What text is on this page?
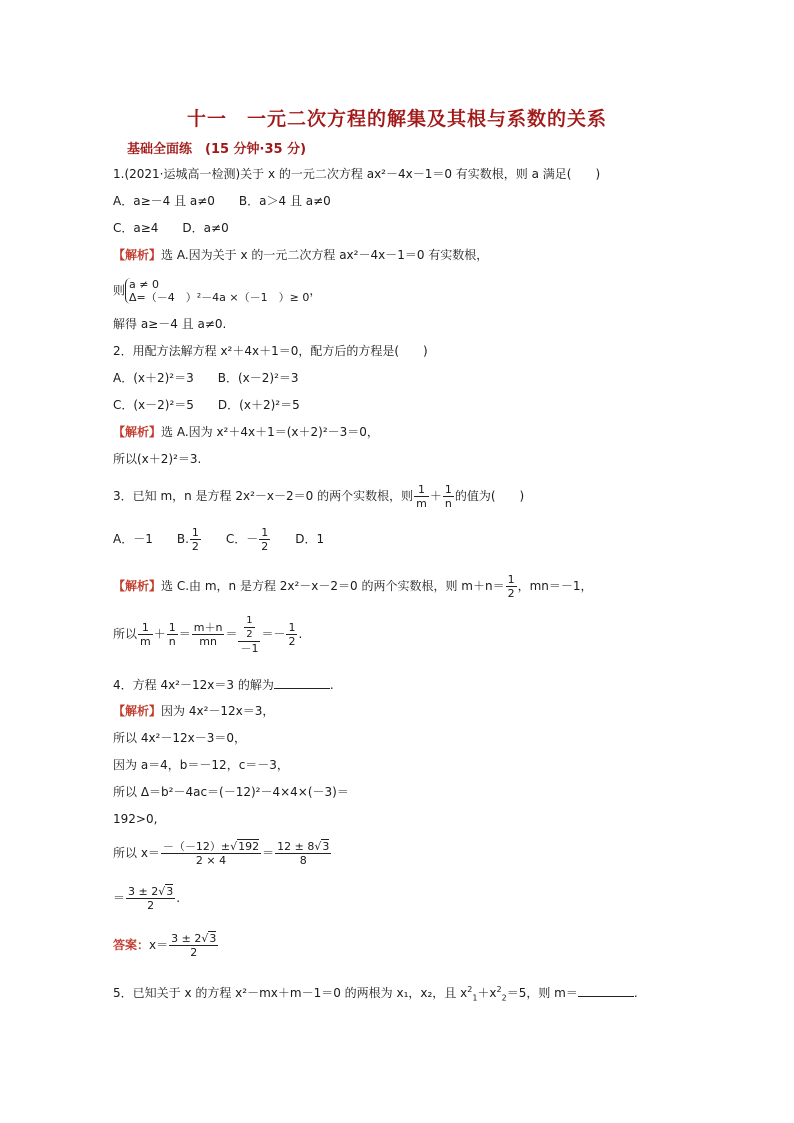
十一　一元二次方程的解集及其根与系数的关系
基础全面练　(15 分钟·35 分)
1.(2021·运城高一检测)关于 x 的一元二次方程 ax²－4x－1＝0 有实数根，则 a 满足(　　)
A．a≥－4 且 a≠0　　B．a＞4 且 a≠0
C．a≥4　　D．a≠0
【解析】选 A.因为关于 x 的一元二次方程 ax²－4x－1＝0 有实数根，
则 a ≠ 0
Δ=（－4　）²－4a ×（－1　）≥ 0 ，
解得 a≥－4 且 a≠0.
2．用配方法解方程 x²＋4x＋1＝0，配方后的方程是(　　)
A．(x＋2)²＝3　　B．(x－2)²＝3
C．(x－2)²＝5　　D．(x＋2)²＝5
【解析】选 A.因为 x²＋4x＋1＝(x＋2)²－3＝0，
所以(x＋2)²＝3.
3．已知 m，n 是方程 2x²－x－2＝0 的两个实数根，则 $\frac{1}{m} + \frac{1}{n}$ 的值为(　　)
A．－1　　B. $\frac{1}{2}$ 　　C．－ $\frac{1}{2}$ 　　D．1
【解析】选 C.由 m，n 是方程 2x²－x－2＝0 的两个实数根，则 $m+n= \frac{1}{2}$ ，mn＝－1，
所以 $\frac{1}{m} + \frac{1}{n} = \frac{m+n}{mn} = \frac{\frac{1}{2}}{-1} =- \frac{1}{2}$ .
4．方程 4x²－12x＝3 的解为	.
【解析】因为 4x²－12x＝3，
所以 4x²－12x－3＝0，
因为 a＝4，b＝－12，c＝－3，
所以 Δ＝b²－4ac＝(－12)²－4×4×(－3)＝
192>0,
所以 $x= \frac{-(-12)\pm√192}{2 \times 4} = \frac{12 \pm 8√3}{8}$
＝ $\frac{3 \pm 2√3}{2}$ .
答案：$x= \frac{3 \pm 2√3}{2}$
5．已知关于 x 的方程 x²－mx＋m－1＝0 的两根为 x₁，x₂，且 $x^2_1+x^2_2=5$，则 m＝	.
